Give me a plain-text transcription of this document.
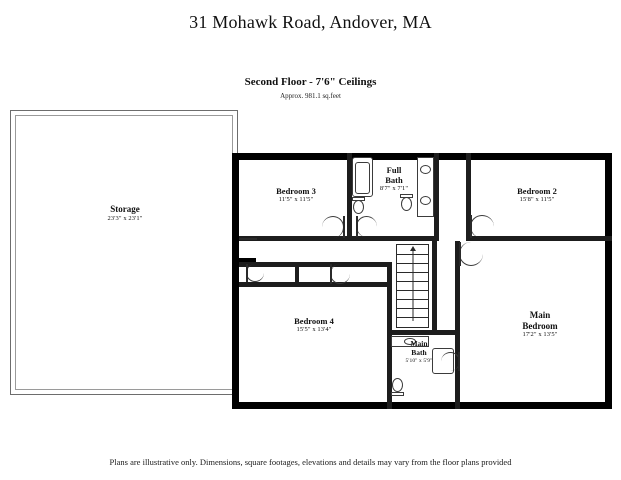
31 Mohawk Road, Andover, MA
Second Floor - 7'6" Ceilings
Approx. 981.1 sq.feet
Storage
23'3" x 23'1"
Bedroom 3
11'5" x 11'5"
Full
Bath
8'7" x 7'1"	Bedroom 2
15'8" x 11'5"
Bedroom 4
15'5" x 13'4"
Main
Bath
5'10" x 5'9"
Main
Bedroom
17'2" x 13'5"
Plans are illustrative only. Dimensions, square footages, elevations and details may vary from the floor plans provided
